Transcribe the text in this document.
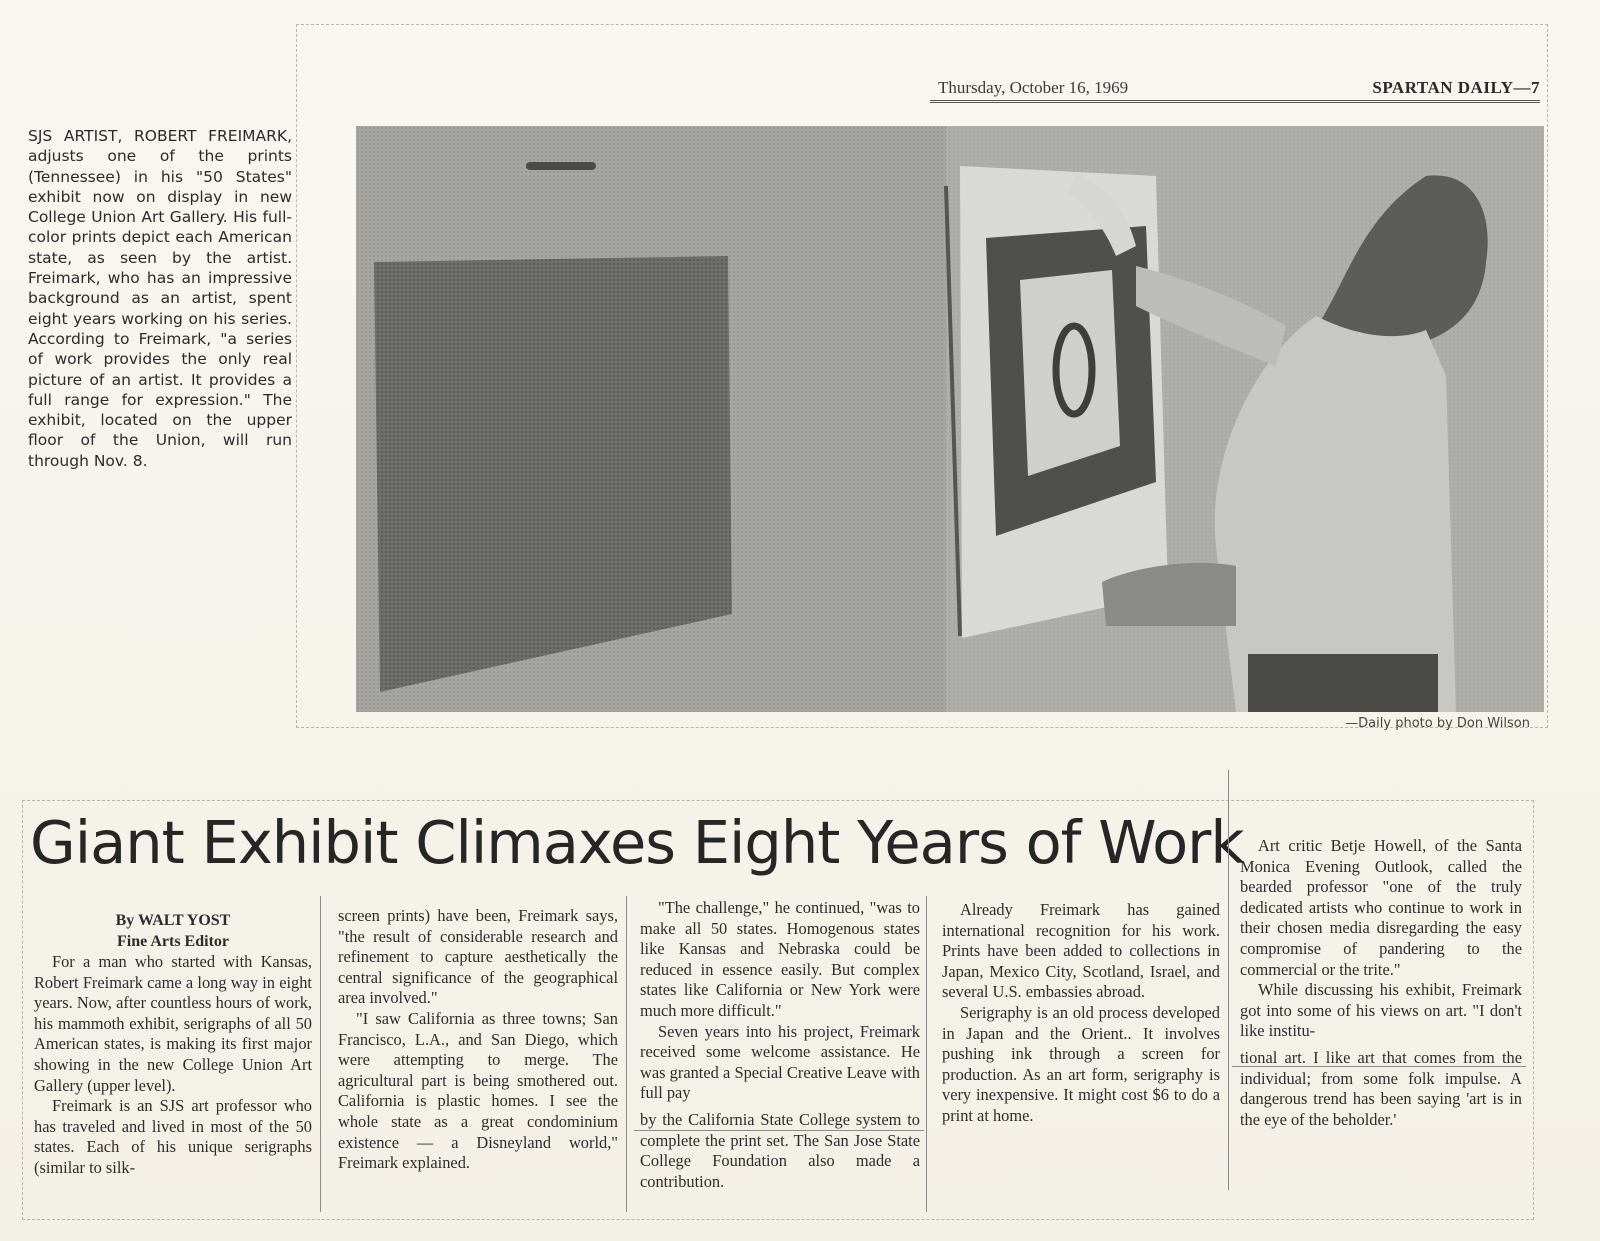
Thursday, October 16, 1969	SPARTAN DAILY—7
SJS ARTIST, ROBERT FREIMARK, adjusts one of the prints (Tennessee) in his "50 States" exhibit now on display in new College Union Art Gallery. His full-color prints depict each American state, as seen by the artist. Freimark, who has an impressive background as an artist, spent eight years working on his series. According to Freimark, "a series of work provides the only real picture of an artist. It provides a full range for expression." The exhibit, located on the upper floor of the Union, will run through Nov. 8.
—Daily photo by Don Wilson
Giant Exhibit Climaxes Eight Years of Work
By WALT YOST
Fine Arts Editor

For a man who started with Kansas, Robert Freimark came a long way in eight years. Now, after countless hours of work, his mammoth exhibit, serigraphs of all 50 American states, is making its first major showing in the new College Union Art Gallery (upper level).

Freimark is an SJS art professor who has traveled and lived in most of the 50 states. Each of his unique serigraphs (similar to silk-

screen prints) have been, Freimark says, "the result of considerable research and refinement to capture aesthetically the central significance of the geographical area involved."

"I saw California as three towns; San Francisco, L.A., and San Diego, which were attempting to merge. The agricultural part is being smothered out. California is plastic homes. I see the whole state as a great condominium existence — a Disneyland world," Freimark explained.

"The challenge," he continued, "was to make all 50 states. Homogenous states like Kansas and Nebraska could be reduced in essence easily. But complex states like California or New York were much more difficult."

Seven years into his project, Freimark received some welcome assistance. He was granted a Special Creative Leave with full pay

by the California State College system to complete the print set. The San Jose State College Foundation also made a contribution.

Already Freimark has gained international recognition for his work. Prints have been added to collections in Japan, Mexico City, Scotland, Israel, and several U.S. embassies abroad.

Serigraphy is an old process developed in Japan and the Orient.. It involves pushing ink through a screen for production. As an art form, serigraphy is very inexpensive. It might cost $6 to do a print at home.

Art critic Betje Howell, of the Santa Monica Evening Outlook, called the bearded professor "one of the truly dedicated artists who continue to work in their chosen media disregarding the easy compromise of pandering to the commercial or the trite."

While discussing his exhibit, Freimark got into some of his views on art. "I don't like institu-

tional art. I like art that comes from the individual; from some folk impulse. A dangerous trend has been saying 'art is in the eye of the beholder.'
